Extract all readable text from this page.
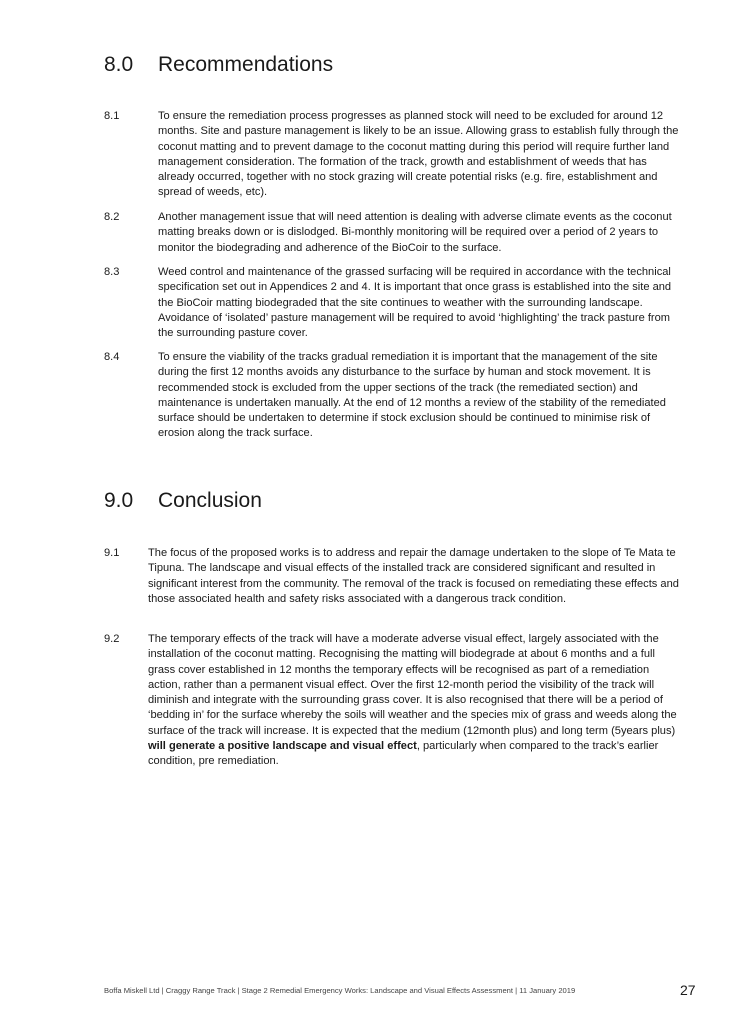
8.0 Recommendations
8.1	To ensure the remediation process progresses as planned stock will need to be excluded for around 12 months. Site and pasture management is likely to be an issue. Allowing grass to establish fully through the coconut matting and to prevent damage to the coconut matting during this period will require further land management consideration. The formation of the track, growth and establishment of weeds that has already occurred, together with no stock grazing will create potential risks (e.g. fire, establishment and spread of weeds, etc).
8.2	Another management issue that will need attention is dealing with adverse climate events as the coconut matting breaks down or is dislodged. Bi-monthly monitoring will be required over a period of 2 years to monitor the biodegrading and adherence of the BioCoir to the surface.
8.3	Weed control and maintenance of the grassed surfacing will be required in accordance with the technical specification set out in Appendices 2 and 4. It is important that once grass is established into the site and the BioCoir matting biodegraded that the site continues to weather with the surrounding landscape. Avoidance of ‘isolated’ pasture management will be required to avoid ‘highlighting’ the track pasture from the surrounding pasture cover.
8.4	To ensure the viability of the tracks gradual remediation it is important that the management of the site during the first 12 months avoids any disturbance to the surface by human and stock movement. It is recommended stock is excluded from the upper sections of the track (the remediated section) and maintenance is undertaken manually. At the end of 12 months a review of the stability of the remediated surface should be undertaken to determine if stock exclusion should be continued to minimise risk of erosion along the track surface.
9.0 Conclusion
9.1	The focus of the proposed works is to address and repair the damage undertaken to the slope of Te Mata te Tipuna. The landscape and visual effects of the installed track are considered significant and resulted in significant interest from the community. The removal of the track is focused on remediating these effects and those associated health and safety risks associated with a dangerous track condition.
9.2	The temporary effects of the track will have a moderate adverse visual effect, largely associated with the installation of the coconut matting. Recognising the matting will biodegrade at about 6 months and a full grass cover established in 12 months the temporary effects will be recognised as part of a remediation action, rather than a permanent visual effect. Over the first 12-month period the visibility of the track will diminish and integrate with the surrounding grass cover. It is also recognised that there will be a period of ‘bedding in’ for the surface whereby the soils will weather and the species mix of grass and weeds along the surface of the track will increase. It is expected that the medium (12month plus) and long term (5years plus) will generate a positive landscape and visual effect, particularly when compared to the track’s earlier condition, pre remediation.
Boffa Miskell Ltd | Craggy Range Track | Stage 2 Remedial Emergency Works: Landscape and Visual Effects Assessment | 11 January 2019	27
